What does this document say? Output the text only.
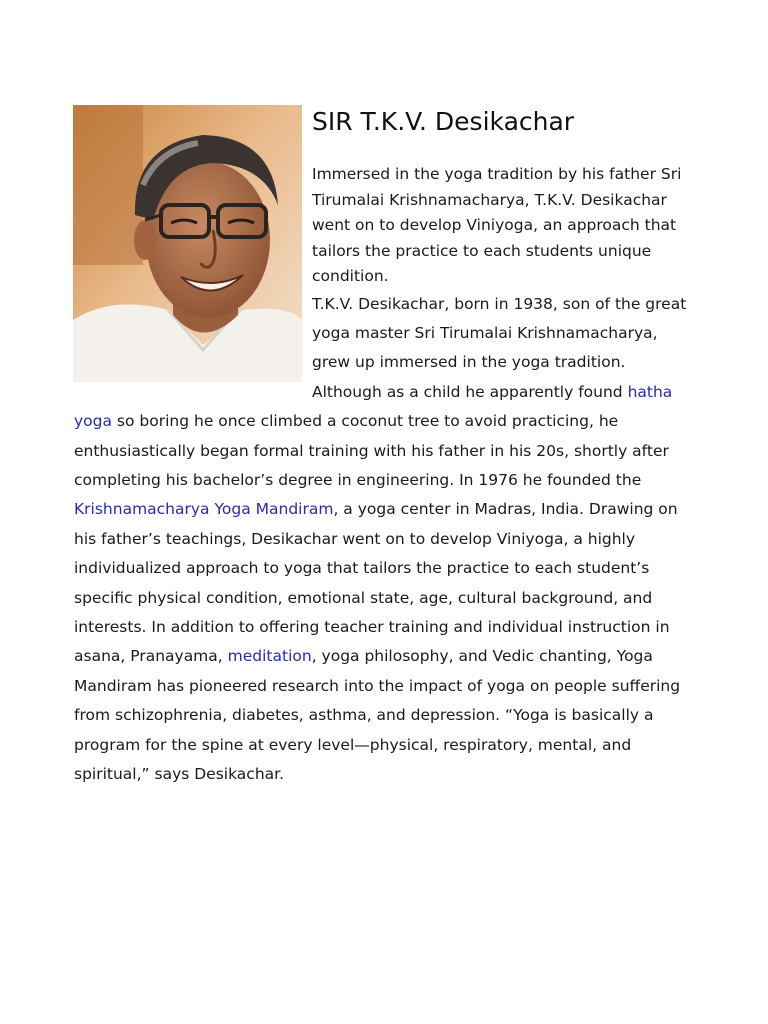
SIR T.K.V. Desikachar

Immersed in the yoga tradition by his father Sri Tirumalai Krishnamacharya, T.K.V. Desikachar went on to develop Viniyoga, an approach that tailors the practice to each students unique condition.

T.K.V. Desikachar, born in 1938, son of the great yoga master Sri Tirumalai Krishnamacharya, grew up immersed in the yoga tradition. Although as a child he apparently found hatha yoga so boring he once climbed a coconut tree to avoid practicing, he enthusiastically began formal training with his father in his 20s, shortly after completing his bachelor’s degree in engineering. In 1976 he founded the Krishnamacharya Yoga Mandiram, a yoga center in Madras, India. Drawing on his father’s teachings, Desikachar went on to develop Viniyoga, a highly individualized approach to yoga that tailors the practice to each student’s specific physical condition, emotional state, age, cultural background, and interests. In addition to offering teacher training and individual instruction in asana, Pranayama, meditation, yoga philosophy, and Vedic chanting, Yoga Mandiram has pioneered research into the impact of yoga on people suffering from schizophrenia, diabetes, asthma, and depression. “Yoga is basically a program for the spine at every level—physical, respiratory, mental, and spiritual,” says Desikachar.
